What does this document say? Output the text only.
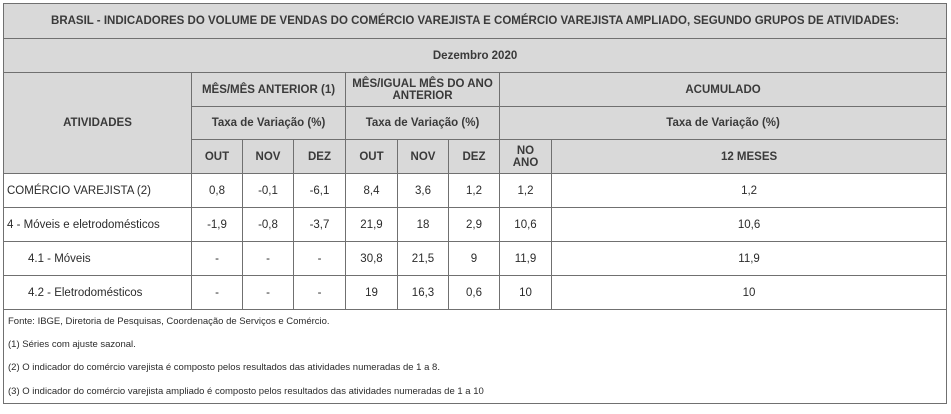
BRASIL - INDICADORES DO VOLUME DE VENDAS DO COMÉRCIO VAREJISTA E COMÉRCIO VAREJISTA AMPLIADO, SEGUNDO GRUPOS DE ATIVIDADES:								
Dezembro 2020								
ATIVIDADES	MÊS/MÊS ANTERIOR (1)			MÊS/IGUAL MÊS DO ANO ANTERIOR			ACUMULADO	
	Taxa de Variação (%)			Taxa de Variação (%)			Taxa de Variação (%)	
	OUT	NOV	DEZ	OUT	NOV	DEZ	NO ANO	12 MESES
COMÉRCIO VAREJISTA (2)	0,8	-0,1	-6,1	8,4	3,6	1,2	1,2	1,2
4 - Móveis e eletrodomésticos	-1,9	-0,8	-3,7	21,9	18	2,9	10,6	10,6
4.1 - Móveis	-	-	-	30,8	21,5	9	11,9	11,9
4.2 - Eletrodomésticos	-	-	-	19	16,3	0,6	10	10
Fonte: IBGE, Diretoria de Pesquisas, Coordenação de Serviços e Comércio.								
(1) Séries com ajuste sazonal.								
(2) O indicador do comércio varejista é composto pelos resultados das atividades numeradas de 1 a 8.								
(3) O indicador do comércio varejista ampliado é composto pelos resultados das atividades numeradas de 1 a 10								
